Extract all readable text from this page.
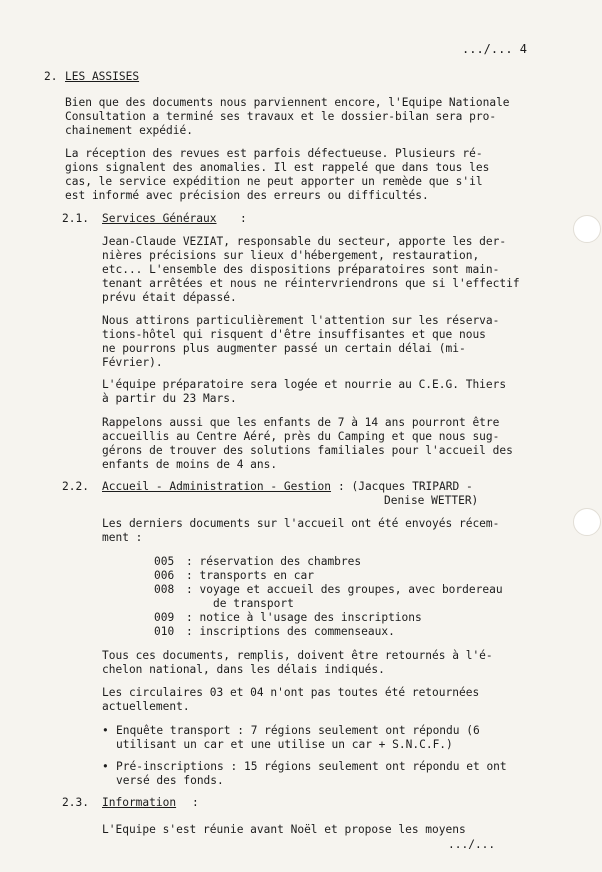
.../... 4
2. LES ASSISES
Bien que des documents nous parviennent encore, l'Equipe Nationale
Consultation a terminé ses travaux et le dossier-bilan sera pro-
chainement expédié.
La réception des revues est parfois défectueuse. Plusieurs ré-
gions signalent des anomalies. Il est rappelé que dans tous les
cas, le service expédition ne peut apporter un remède que s'il
est informé avec précision des erreurs ou difficultés.
2.1. Services Généraux :
Jean-Claude VEZIAT, responsable du secteur, apporte les der-
nières précisions sur lieux d'hébergement, restauration,
etc... L'ensemble des dispositions préparatoires sont main-
tenant arrêtées et nous ne réintervriendrons que si l'effectif
prévu était dépassé.
Nous attirons particulièrement l'attention sur les réserva-
tions-hôtel qui risquent d'être insuffisantes et que nous
ne pourrons plus augmenter passé un certain délai (mi-
Février).
L'équipe préparatoire sera logée et nourrie au C.E.G. Thiers
à partir du 23 Mars.
Rappelons aussi que les enfants de 7 à 14 ans pourront être
accueillis au Centre Aéré, près du Camping et que nous sug-
gérons de trouver des solutions familiales pour l'accueil des
enfants de moins de 4 ans.
2.2. Accueil - Administration - Gestion : (Jacques TRIPARD -
Denise WETTER)
Les derniers documents sur l'accueil ont été envoyés récem-
ment :
005 : réservation des chambres
006 : transports en car
008 : voyage et accueil des groupes, avec bordereau
de transport
009 : notice à l'usage des inscriptions
010 : inscriptions des commenseaux.
Tous ces documents, remplis, doivent être retournés à l'é-
chelon national, dans les délais indiqués.
Les circulaires 03 et 04 n'ont pas toutes été retournées
actuellement.
• Enquête transport : 7 régions seulement ont répondu (6
utilisant un car et une utilise un car + S.N.C.F.)
• Pré-inscriptions : 15 régions seulement ont répondu et ont
versé des fonds.
2.3. Information :
L'Equipe s'est réunie avant Noël et propose les moyens
.../...
